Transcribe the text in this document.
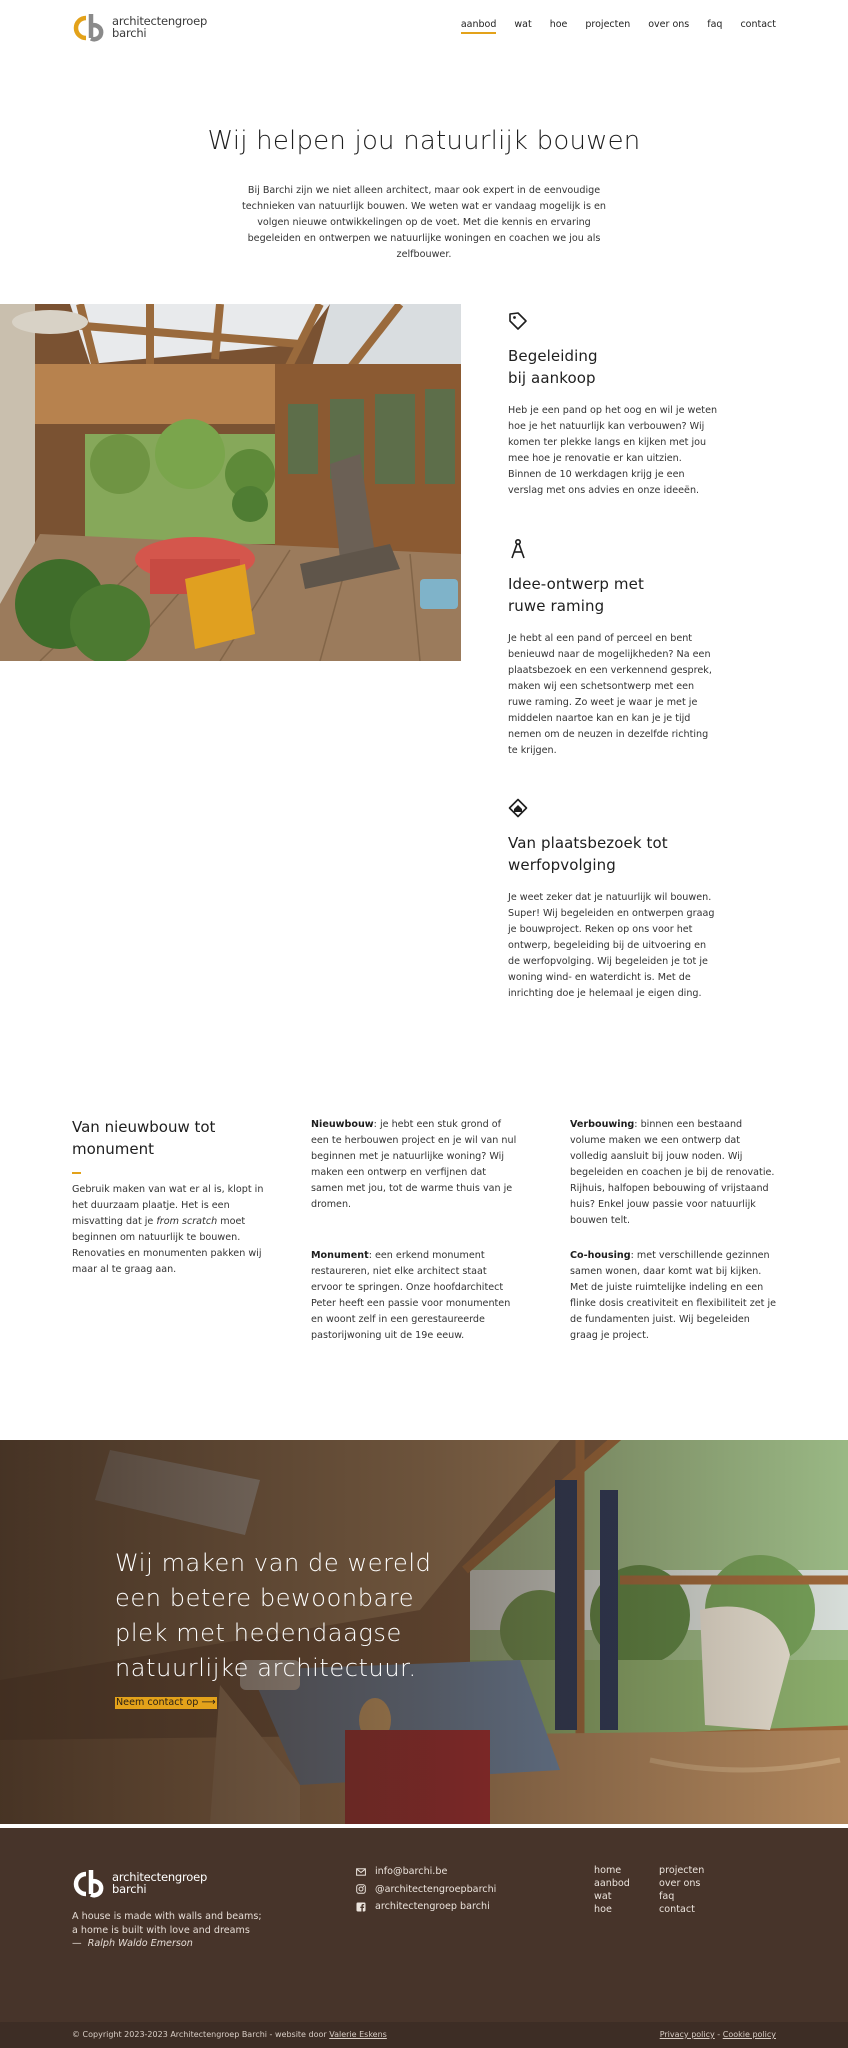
architectengroep
barchi
aanbod wat hoe projecten over ons faq contact
Wij helpen jou natuurlijk bouwen

Bij Barchi zijn we niet alleen architect, maar ook expert in de eenvoudige technieken van natuurlijk bouwen. We weten wat er vandaag mogelijk is en volgen nieuwe ontwikkelingen op de voet. Met die kennis en ervaring begeleiden en ontwerpen we natuurlijke woningen en coachen we jou als zelfbouwer.

Begeleiding
bij aankoop

Heb je een pand op het oog en wil je weten hoe je het natuurlijk kan verbouwen? Wij komen ter plekke langs en kijken met jou mee hoe je renovatie er kan uitzien. Binnen de 10 werkdagen krijg je een verslag met ons advies en onze ideeën.

Idee-ontwerp met
ruwe raming

Je hebt al een pand of perceel en bent benieuwd naar de mogelijkheden? Na een plaatsbezoek en een verkennend gesprek, maken wij een schetsontwerp met een ruwe raming. Zo weet je waar je met je middelen naartoe kan en kan je je tijd nemen om de neuzen in dezelfde richting te krijgen.

Van plaatsbezoek tot
werfopvolging

Je weet zeker dat je natuurlijk wil bouwen. Super! Wij begeleiden en ontwerpen graag je bouwproject. Reken op ons voor het ontwerp, begeleiding bij de uitvoering en de werfopvolging. Wij begeleiden je tot je woning wind- en waterdicht is. Met de inrichting doe je helemaal je eigen ding.

Van nieuwbouw tot
monument

Gebruik maken van wat er al is, klopt in het duurzaam plaatje. Het is een misvatting dat je from scratch moet beginnen om natuurlijk te bouwen. Renovaties en monumenten pakken wij maar al te graag aan.

Nieuwbouw: je hebt een stuk grond of een te herbouwen project en je wil van nul beginnen met je natuurlijke woning? Wij maken een ontwerp en verfijnen dat samen met jou, tot de warme thuis van je dromen.

Verbouwing: binnen een bestaand volume maken we een ontwerp dat volledig aansluit bij jouw noden. Wij begeleiden en coachen je bij de renovatie. Rijhuis, halfopen bebouwing of vrijstaand huis? Enkel jouw passie voor natuurlijk bouwen telt.

Monument: een erkend monument restaureren, niet elke architect staat ervoor te springen. Onze hoofdarchitect Peter heeft een passie voor monumenten en woont zelf in een gerestaureerde pastorijwoning uit de 19e eeuw.

Co-housing: met verschillende gezinnen samen wonen, daar komt wat bij kijken. Met de juiste ruimtelijke indeling en een flinke dosis creativiteit en flexibiliteit zet je de fundamenten juist. Wij begeleiden graag je project.

Wij maken van de wereld
een betere bewoonbare
plek met hedendaagse
natuurlijke architectuur.
Neem contact op ⟶
architectengroep
barchi
A house is made with walls and beams;
a home is built with love and dreams
— Ralph Waldo Emerson
info@barchi.be
@architectengroepbarchi
architectengroep barchi
home
aanbod
wat
hoe
projecten
over ons
faq
contact
© Copyright 2023-2023 Architectengroep Barchi - website door Valerie Eskens	Privacy policy - Cookie policy
